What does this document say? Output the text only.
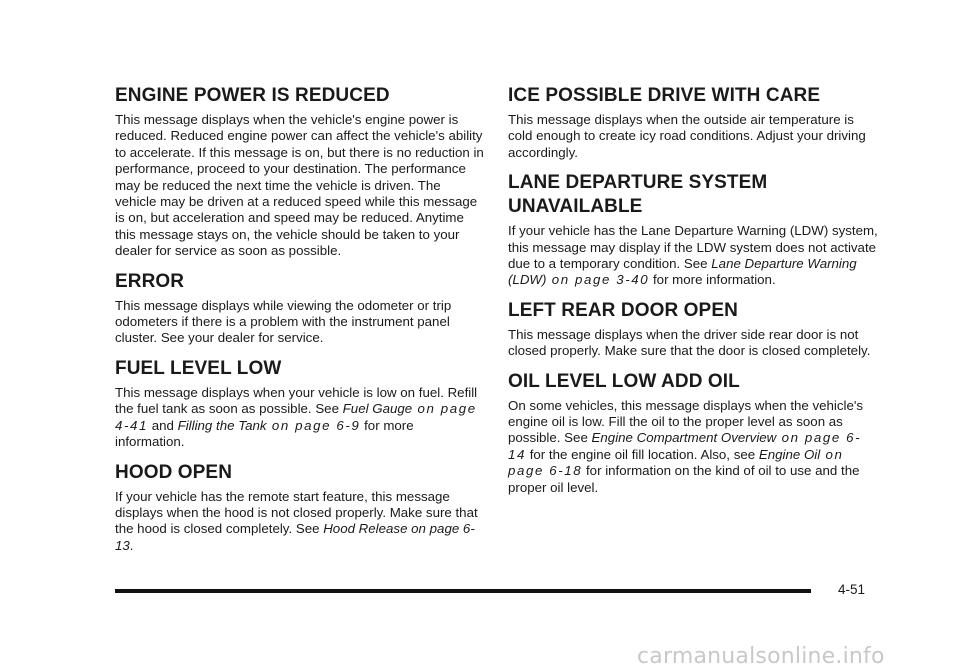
ENGINE POWER IS REDUCED

This message displays when the vehicle's engine power is reduced. Reduced engine power can affect the vehicle's ability to accelerate. If this message is on, but there is no reduction in performance, proceed to your destination. The performance may be reduced the next time the vehicle is driven. The vehicle may be driven at a reduced speed while this message is on, but acceleration and speed may be reduced. Anytime this message stays on, the vehicle should be taken to your dealer for service as soon as possible.

ERROR

This message displays while viewing the odometer or trip odometers if there is a problem with the instrument panel cluster. See your dealer for service.

FUEL LEVEL LOW

This message displays when your vehicle is low on fuel. Refill the fuel tank as soon as possible. See Fuel Gauge on page 4-41 and Filling the Tank on page 6-9 for more information.

HOOD OPEN

If your vehicle has the remote start feature, this message displays when the hood is not closed properly. Make sure that the hood is closed completely. See Hood Release on page 6-13.

ICE POSSIBLE DRIVE WITH CARE

This message displays when the outside air temperature is cold enough to create icy road conditions. Adjust your driving accordingly.

LANE DEPARTURE SYSTEM
UNAVAILABLE

If your vehicle has the Lane Departure Warning (LDW) system, this message may display if the LDW system does not activate due to a temporary condition. See Lane Departure Warning (LDW) on page 3-40 for more information.

LEFT REAR DOOR OPEN

This message displays when the driver side rear door is not closed properly. Make sure that the door is closed completely.

OIL LEVEL LOW ADD OIL

On some vehicles, this message displays when the vehicle's engine oil is low. Fill the oil to the proper level as soon as possible. See Engine Compartment Overview on page 6-14 for the engine oil fill location. Also, see Engine Oil on page 6-18 for information on the kind of oil to use and the proper oil level.

4-51
carmanualsonline.info
